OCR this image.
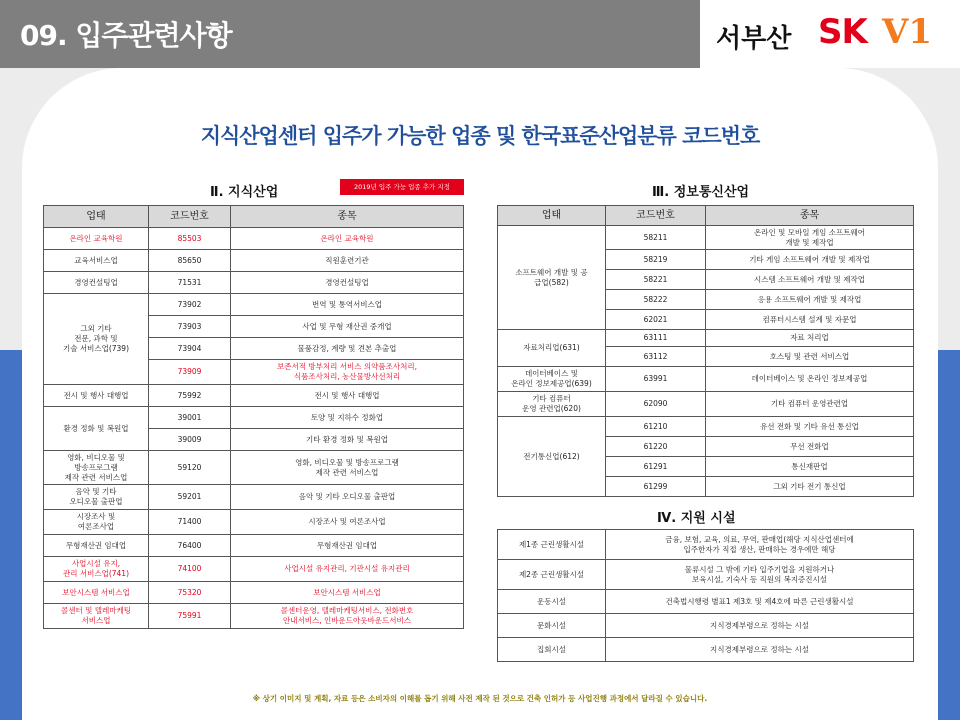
09. 입주관련사항	서부산 SK V1
지식산업센터 입주가 가능한 업종 및 한국표준산업분류 코드번호
Ⅱ. 지식산업	2019년 입주 가능 업종 추가 지정
업태	코드번호	종목
온라인 교육학원	85503	온라인 교육학원
교육서비스업	85650	직원훈련기관
경영컨설팅업	71531	경영컨설팅업
그외 기타
전문, 과학 및
기술 서비스업(739)	73902	번역 및 통역서비스업
	73903	사업 및 무형 재산권 중개업
	73904	물품감정, 계량 및 견본 추출업
	73909	보존서적 방부처리 서비스 의약품조사처리,
식품조사처리, 농산물방사선처리
전시 및 행사 대행업	75992	전시 및 행사 대행업
환경 정화 및 복원업	39001	토양 및 지하수 정화업
	39009	기타 환경 정화 및 복원업
영화, 비디오물 및
방송프로그램
제작 관련 서비스업	59120	영화, 비디오물 및 방송프로그램
제작 관련 서비스업
음악 및 기타
오디오물 출판업	59201	음악 및 기타 오디오물 출판업
시장조사 및
여론조사업	71400	시장조사 및 여론조사업
무형재산권 임대업	76400	무형재산권 임대업
사업시설 유지,
관리 서비스업(741)	74100	사업시설 유지관리, 기관시설 유지관리
보안시스템 서비스업	75320	보안시스템 서비스업
콜센터 및 텔레마케팅
서비스업	75991	콜센터운영, 텔레마케팅서비스, 전화번호
안내서비스, 인바운드아웃바운드서비스
Ⅲ. 정보통신산업
업태	코드번호	종목
소프트웨어 개발 및 공
급업(582)	58211	온라인 및 모바일 게임 소프트웨어
개발 및 제작업
	58219	기타 게임 소프트웨어 개발 및 제작업
	58221	시스템 소프트웨어 개발 및 제작업
	58222	응용 소프트웨어 개발 및 제작업
	62021	컴퓨터시스템 설계 및 자문업
자료처리업(631)	63111	자료 처리업
	63112	호스팅 및 관련 서비스업
데이터베이스 및
온라인 정보제공업(639)	63991	데이터베이스 및 온라인 정보제공업
기타 컴퓨터
운영 관련업(620)	62090	기타 컴퓨터 운영관련업
전기통신업(612)	61210	유선 전화 및 기타 유선 통신업
	61220	무선 전화업
	61291	통신재판업
	61299	그외 기타 전기 통신업
Ⅳ. 지원 시설
제1종 근린생활시설	금융, 보험, 교육, 의료, 무역, 판매업(해당 지식산업센터에
입주한자가 직접 생산, 판매하는 경우에만 해당
제2종 근린생활시설	물류시설 그 밖에 기타 입주기업을 지원하거나
보육시설, 기숙사 등 직원의 복지증진시설
운동시설	건축법시행령 별표1 제3호 및 제4호에 따른 근린생활시설
문화시설	지식경제부령으로 정하는 시설
집회시설	지식경제부령으로 정하는 시설
※ 상기 이미지 및 계획, 자료 등은 소비자의 이해를 돕기 위해 사전 제작 된 것으로 건축 인허가 등 사업진행 과정에서 달라질 수 있습니다.
